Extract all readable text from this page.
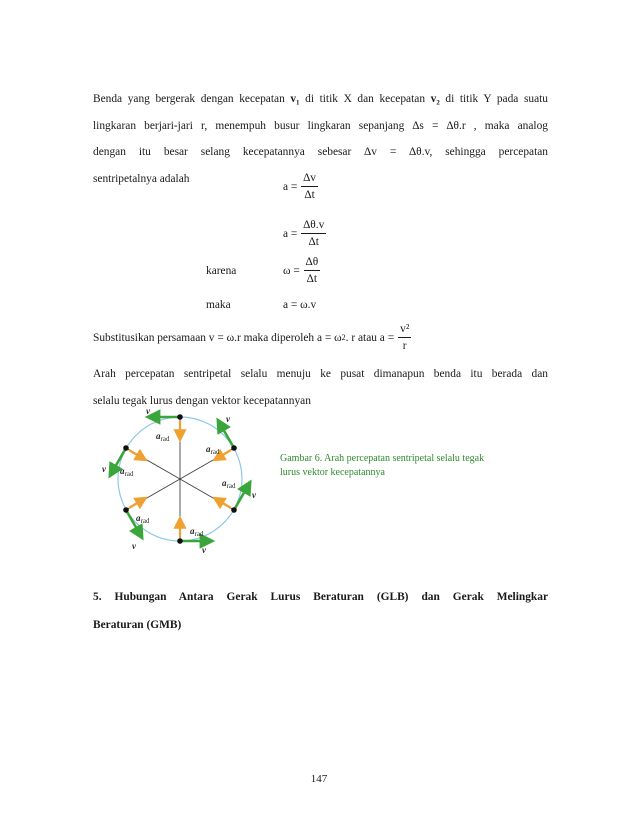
Benda yang bergerak dengan kecepatan v₁ di titik X dan kecepatan v₂ di titik Y pada suatu
lingkaran berjari-jari r, menempuh busur lingkaran sepanjang ∆s = ∆θ.r , maka analog
dengan itu besar selang kecepatannya sebesar ∆v = ∆θ.v, sehingga percepatan
sentripetalnya adalah
$a = \frac{\Delta v}{\Delta t}$
$a = \frac{\Delta\theta.v}{\Delta t}$
karena	$\omega = \frac{\Delta\theta}{\Delta t}$
maka	a = ω.v
Substitusikan persamaan v = ω.r maka diperoleh a = ω 2 . r atau $a = \frac{\text{v²}}{r}$
Arah percepatan sentripetal selalu menuju ke pusat dimanapun benda itu berada dan
selalu tegak lurus dengan vektor kecepatannyan
v
v
v
v
v	v
$a_{rad}$
$a_{rad}$
$a_{rad}$
$a_{rad}$
$a_{rad}$
$a_{rad}$
Gambar 6. Arah percepatan sentripetal selalu tegak
lurus vektor kecepatannya
5. Hubungan Antara Gerak Lurus Beraturan (GLB) dan Gerak Melingkar
Beraturan (GMB)
147
